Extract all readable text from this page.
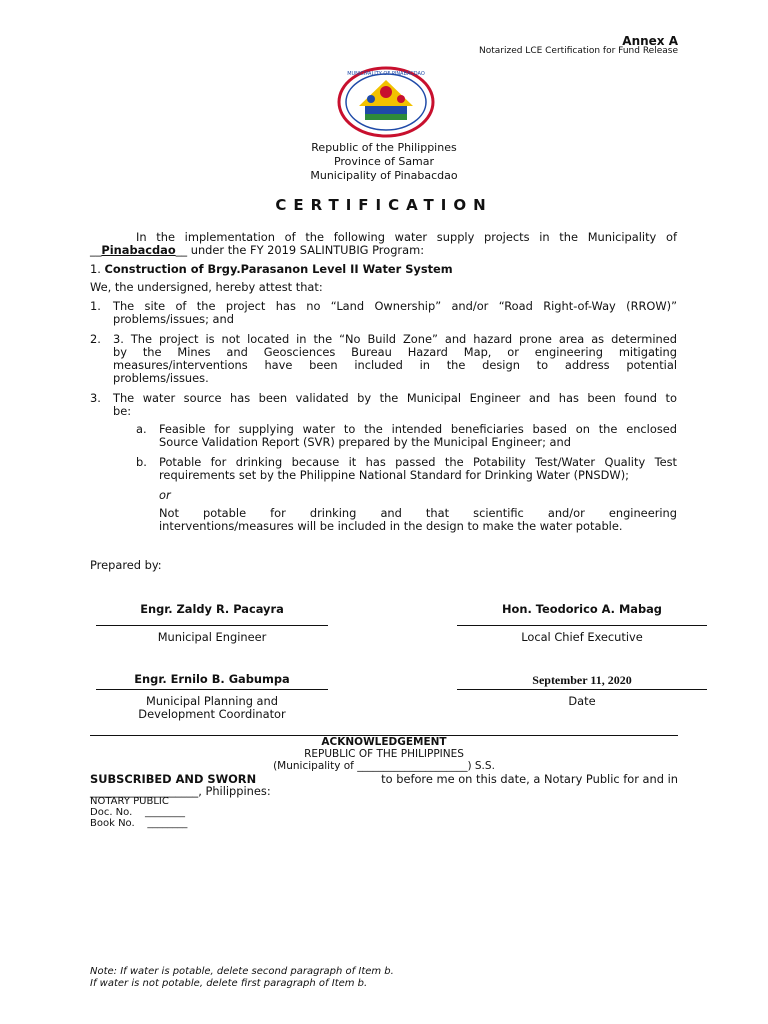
Annex A
Notarized LCE Certification for Fund Release
MUNICIPALITY OF PINABACDAO
Republic of the Philippines
Province of Samar
Municipality of Pinabacdao
CERTIFICATION
In the implementation of the following water supply projects in the Municipality of
__Pinabacdao__ under the FY 2019 SALINTUBIG Program:
1. Construction of Brgy.Parasanon Level II Water System
We, the undersigned, hereby attest that:
1. The site of the project has no “Land Ownership” and/or “Road Right-of-Way (RROW)”
problems/issues; and
2. 3. The project is not located in the “No Build Zone” and hazard prone area as determined
by the Mines and Geosciences Bureau Hazard Map, or engineering mitigating
measures/interventions have been included in the design to address potential
problems/issues.
3. The water source has been validated by the Municipal Engineer and has been found to
be:
a. Feasible for supplying water to the intended beneficiaries based on the enclosed
Source Validation Report (SVR) prepared by the Municipal Engineer; and
b. Potable for drinking because it has passed the Potability Test/Water Quality Test
requirements set by the Philippine National Standard for Drinking Water (PNSDW);
or
Not potable for drinking and that scientific and/or engineering
interventions/measures will be included in the design to make the water potable.
Prepared by:
Engr. Zaldy R. Pacayra
Municipal Engineer
Hon. Teodorico A. Mabag
Local Chief Executive
Engr. Ernilo B. Gabumpa
Municipal Planning and
Development Coordinator
September 11, 2020
Date
ACKNOWLEDGEMENT
REPUBLIC OF THE PHILIPPINES
(Municipality of _____________________) S.S.
SUBSCRIBED AND SWORN	to before me on this date, a Notary Public for and in
___________________, Philippines:
NOTARY PUBLIC
Doc. No.    ________
Book No.    ________
Note: If water is potable, delete second paragraph of Item b.
If water is not potable, delete first paragraph of Item b.
